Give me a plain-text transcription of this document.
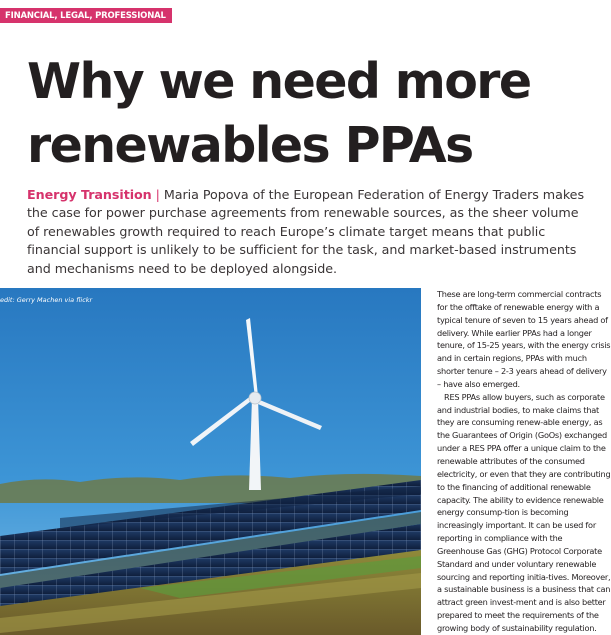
FINANCIAL, LEGAL, PROFESSIONAL
Why we need more
renewables PPAs

Energy Transition | Maria Popova of the European Federation of Energy Traders makes the case for power purchase agreements from renewable sources, as the sheer volume of renewables growth required to reach Europe’s climate target means that public financial support is unlikely to be sufficient for the task, and market-based instruments and mechanisms need to be deployed alongside.

edit: Gerry Machen via flickr

These are long-term commercial contracts for the offtake of renewable energy with a typical tenure of seven to 15 years ahead of delivery. While earlier PPAs had a longer tenure, of 15-25 years, with the energy crisis and in certain regions, PPAs with much shorter tenure – 2-3 years ahead of delivery – have also emerged.

RES PPAs allow buyers, such as corporate and industrial bodies, to make claims that they are consuming renew-able energy, as the Guarantees of Origin (GoOs) exchanged under a RES PPA offer a unique claim to the renewable attributes of the consumed electricity, or even that they are contributing to the financing of additional renewable capacity. The ability to evidence renewable energy consump-tion is becoming increasingly important. It can be used for reporting in compliance with the Greenhouse Gas (GHG) Protocol Corporate Standard and under voluntary renewable sourcing and reporting initia-tives. Moreover, a sustainable business is a business that can attract green invest-ment and is also better prepared to meet the requirements of the growing body of sustainability regulation.
